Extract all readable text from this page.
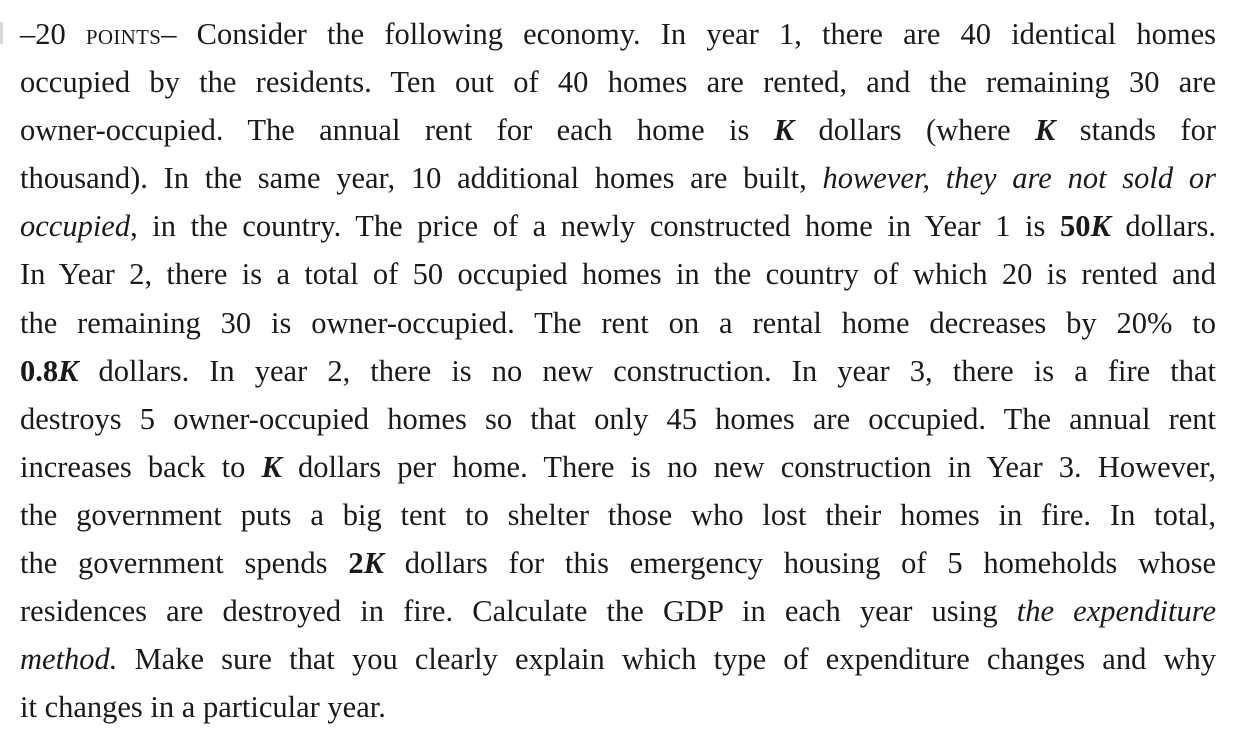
–20 points– Consider the following economy. In year 1, there are 40 identical homes
occupied by the residents. Ten out of 40 homes are rented, and the remaining 30 are
owner-occupied. The annual rent for each home is K dollars (where K stands for
thousand). In the same year, 10 additional homes are built, however, they are not sold or
occupied, in the country. The price of a newly constructed home in Year 1 is 50K dollars.
In Year 2, there is a total of 50 occupied homes in the country of which 20 is rented and
the remaining 30 is owner-occupied. The rent on a rental home decreases by 20% to
0.8K dollars. In year 2, there is no new construction. In year 3, there is a fire that
destroys 5 owner-occupied homes so that only 45 homes are occupied. The annual rent
increases back to K dollars per home. There is no new construction in Year 3. However,
the government puts a big tent to shelter those who lost their homes in fire. In total,
the government spends 2K dollars for this emergency housing of 5 homeholds whose
residences are destroyed in fire. Calculate the GDP in each year using the expenditure
method. Make sure that you clearly explain which type of expenditure changes and why
it changes in a particular year.
